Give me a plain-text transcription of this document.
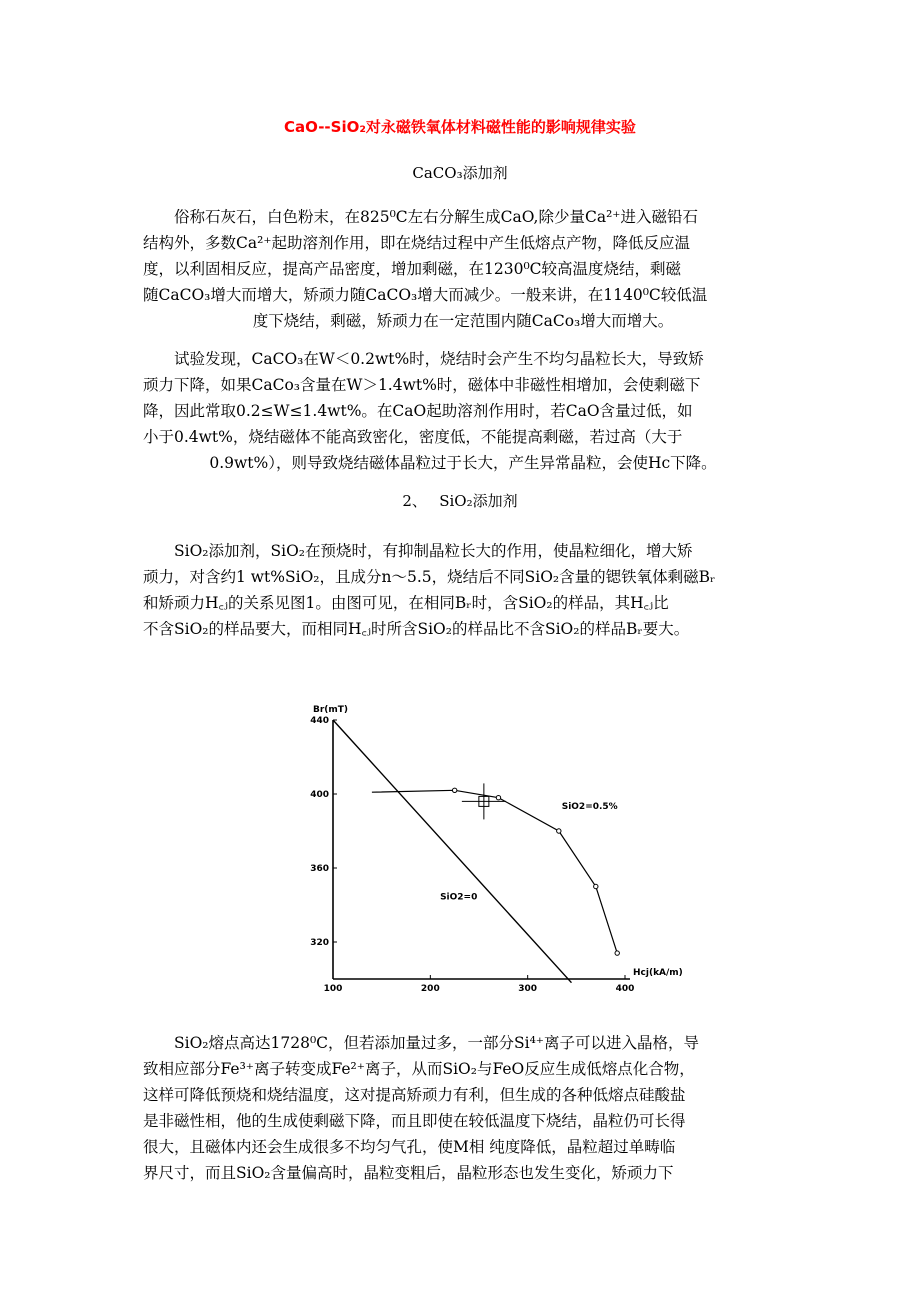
CaO--SiO₂对永磁铁氧体材料磁性能的影响规律实验
CaCO₃添加剂
俗称石灰石，白色粉末，在825⁰C左右分解生成CaO,除少量Ca²⁺进入磁铅石
结构外，多数Ca²⁺起助溶剂作用，即在烧结过程中产生低熔点产物，降低反应温
度，以利固相反应，提高产品密度，增加剩磁，在1230⁰C较高温度烧结，剩磁
随CaCO₃增大而增大，矫顽力随CaCO₃增大而减少。一般来讲，在1140⁰C较低温
度下烧结，剩磁，矫顽力在一定范围内随CaCo₃增大而增大。
试验发现，CaCO₃在W＜0.2wt%时，烧结时会产生不均匀晶粒长大，导致矫
顽力下降，如果CaCo₃含量在W＞1.4wt%时，磁体中非磁性相增加，会使剩磁下
降，因此常取0.2≤W≤1.4wt%。在CaO起助溶剂作用时，若CaO含量过低，如
小于0.4wt%，烧结磁体不能高致密化，密度低，不能提高剩磁，若过高（大于
0.9wt%），则导致烧结磁体晶粒过于长大，产生异常晶粒，会使Hc下降。
2、　 SiO₂添加剂
SiO₂添加剂，SiO₂在预烧时，有抑制晶粒长大的作用，使晶粒细化，增大矫
顽力，对含约1 wt%SiO₂，且成分n～5.5，烧结后不同SiO₂含量的锶铁氧体剩磁Bᵣ
和矫顽力H꜀ⱼ的关系见图1。由图可见，在相同Bᵣ时，含SiO₂的样品，其H꜀ⱼ比
不含SiO₂的样品要大，而相同H꜀ⱼ时所含SiO₂的样品比不含SiO₂的样品Bᵣ要大。
440
400
360
320
100	200	300	400
Br(mT)
Hcj(kA/m)
SiO2=0.5%
SiO2=0
SiO₂熔点高达1728⁰C，但若添加量过多，一部分Si⁴⁺离子可以进入晶格，导
致相应部分Fe³⁺离子转变成Fe²⁺离子，从而SiO₂与FeO反应生成低熔点化合物，
这样可降低预烧和烧结温度，这对提高矫顽力有利，但生成的各种低熔点硅酸盐
是非磁性相，他的生成使剩磁下降，而且即使在较低温度下烧结，晶粒仍可长得
很大，且磁体内还会生成很多不均匀气孔，使M相 纯度降低，晶粒超过单畴临
界尺寸，而且SiO₂含量偏高时，晶粒变粗后，晶粒形态也发生变化，矫顽力下
